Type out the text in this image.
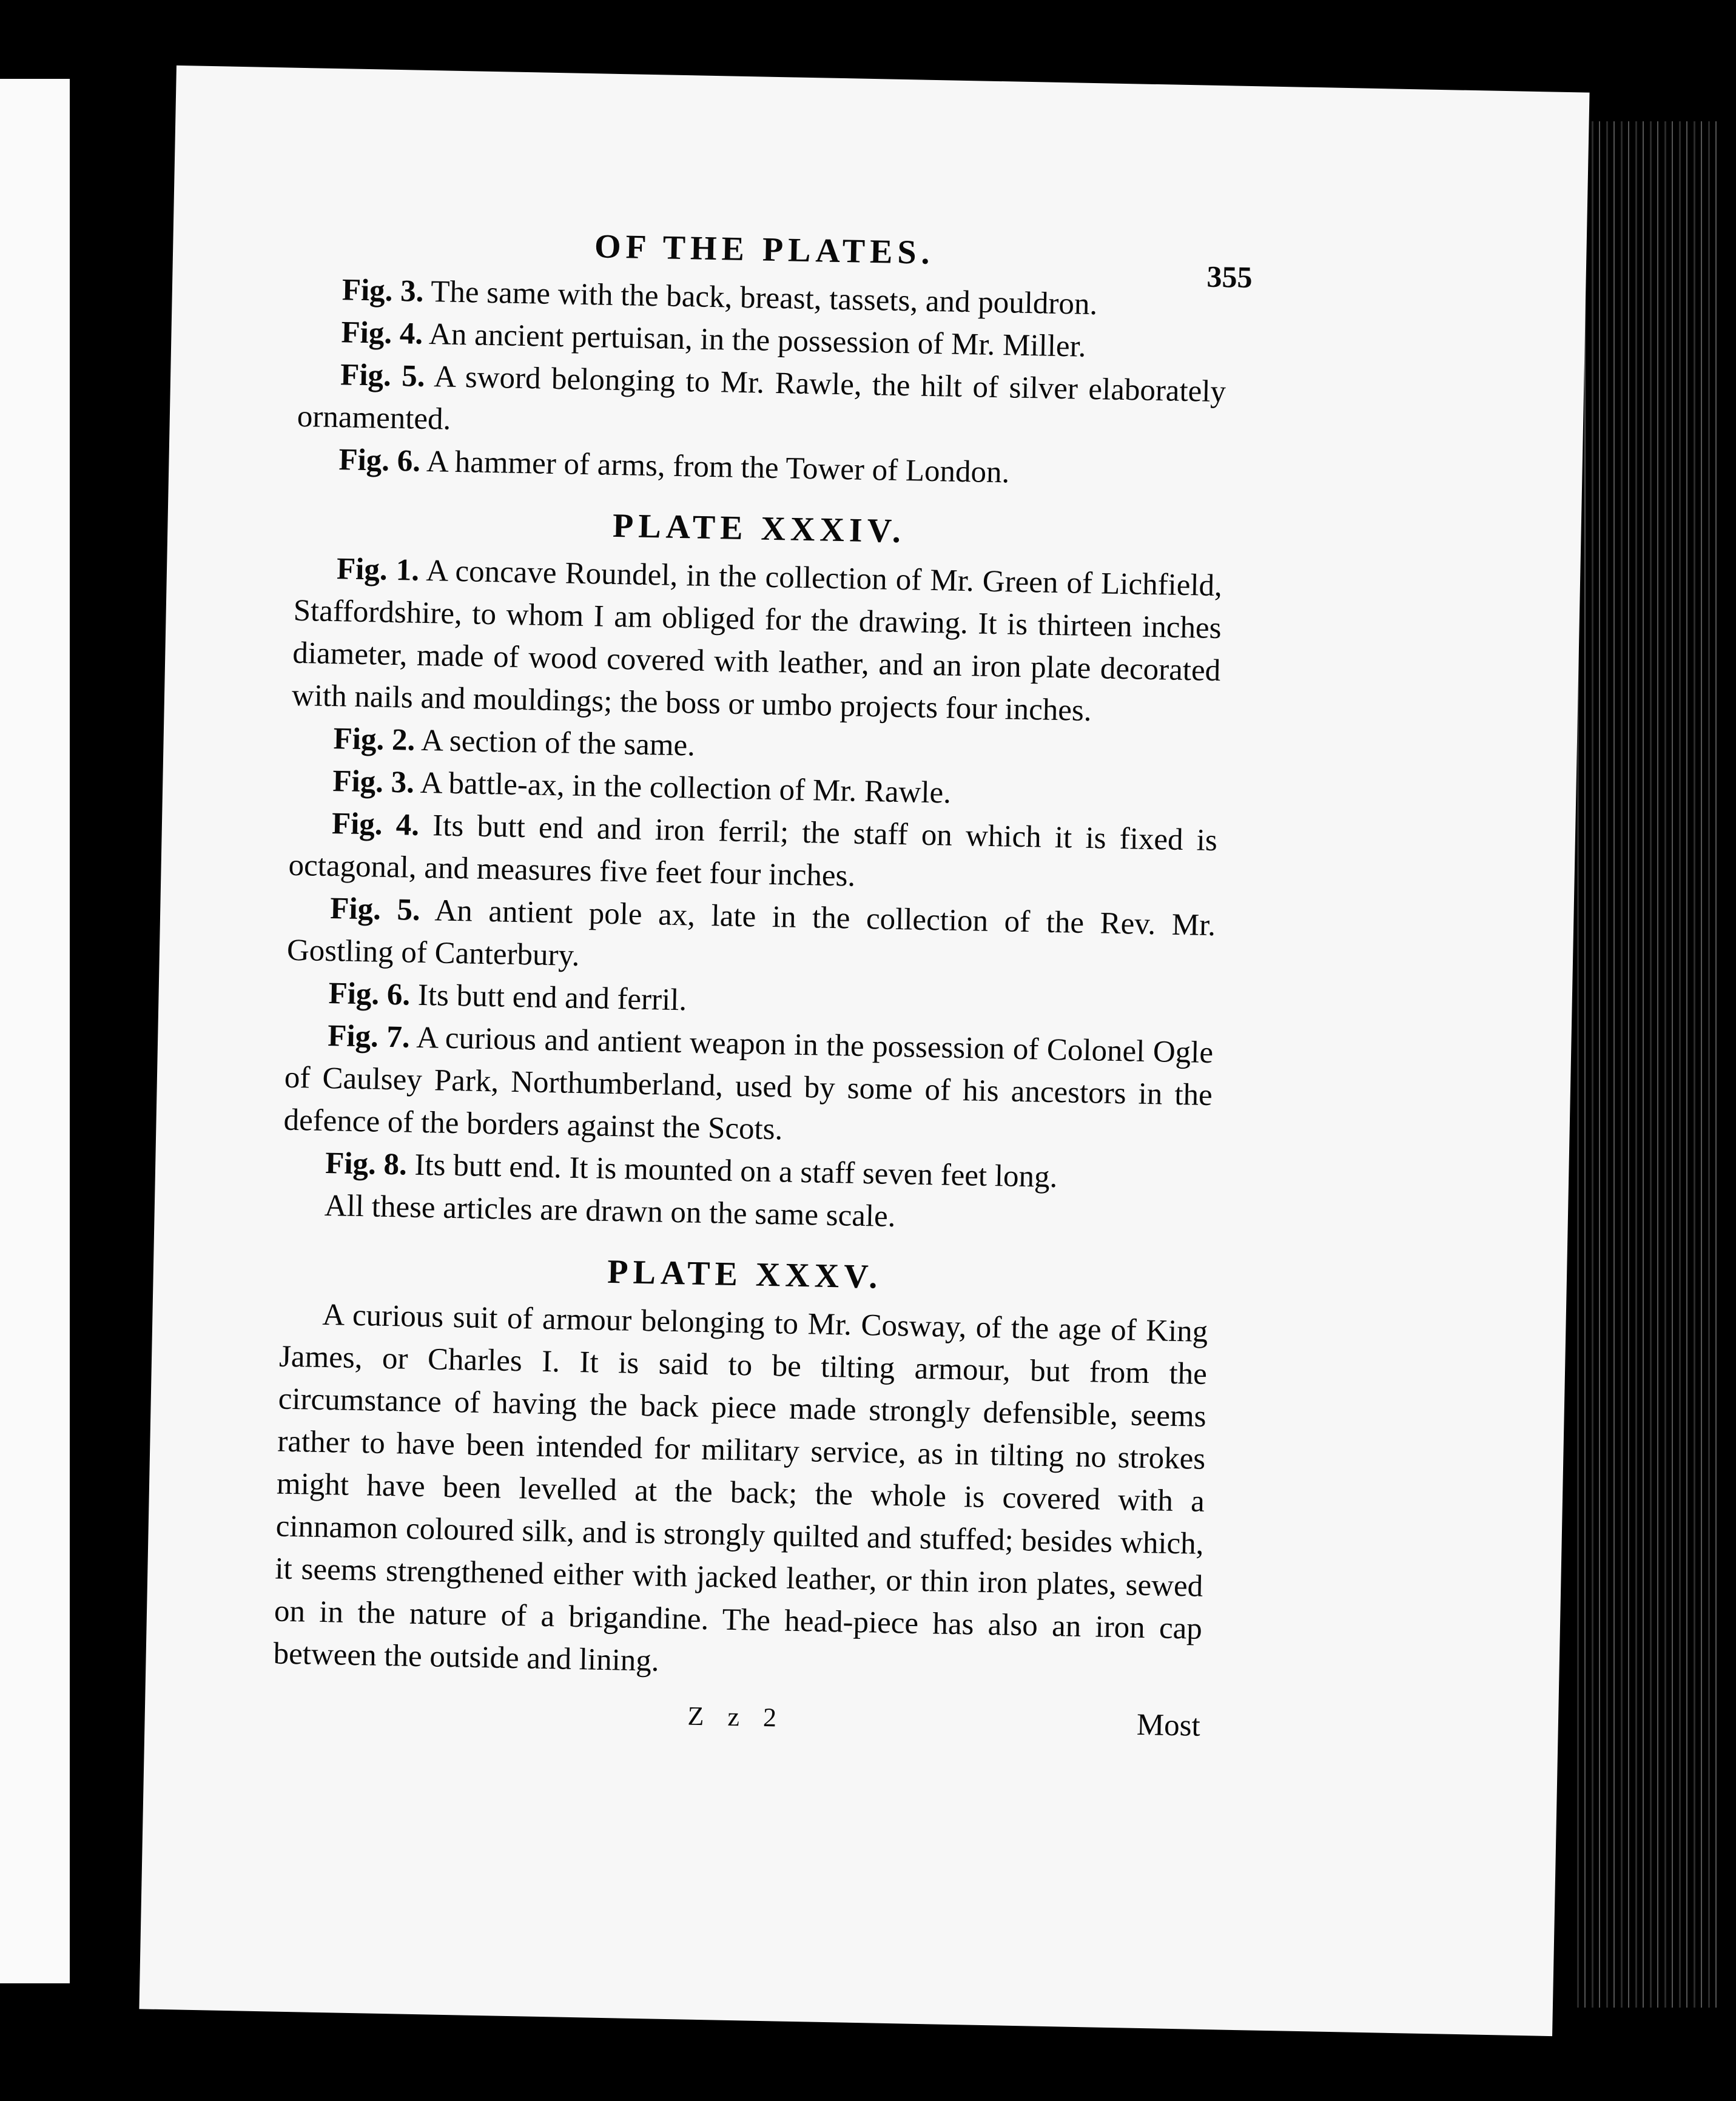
OF THE PLATES.
355

Fig. 3. The same with the back, breast, tassets, and pouldron.

Fig. 4. An ancient pertuisan, in the possession of Mr. Miller.

Fig. 5. A sword belonging to Mr. Rawle, the hilt of silver elaborately ornamented.

Fig. 6. A hammer of arms, from the Tower of London.

PLATE XXXIV.

Fig. 1. A concave Roundel, in the collection of Mr. Green of Lichfield, Staffordshire, to whom I am obliged for the drawing. It is thirteen inches diameter, made of wood covered with leather, and an iron plate decorated with nails and mouldings; the boss or umbo projects four inches.

Fig. 2. A section of the same.

Fig. 3. A battle-ax, in the collection of Mr. Rawle.

Fig. 4. Its butt end and iron ferril; the staff on which it is fixed is octagonal, and measures five feet four inches.

Fig. 5. An antient pole ax, late in the collection of the Rev. Mr. Gostling of Canterbury.

Fig. 6. Its butt end and ferril.

Fig. 7. A curious and antient weapon in the possession of Colonel Ogle of Caulsey Park, Northumberland, used by some of his ancestors in the defence of the borders against the Scots.

Fig. 8. Its butt end. It is mounted on a staff seven feet long.

All these articles are drawn on the same scale.

PLATE XXXV.

A curious suit of armour belonging to Mr. Cosway, of the age of King James, or Charles I. It is said to be tilting armour, but from the circumstance of having the back piece made strongly defensible, seems rather to have been intended for military service, as in tilting no strokes might have been levelled at the back; the whole is covered with a cinnamon coloured silk, and is strongly quilted and stuffed; besides which, it seems strengthened either with jacked leather, or thin iron plates, sewed on in the nature of a brigandine. The head-piece has also an iron cap between the outside and lining.

Z z 2	Most
